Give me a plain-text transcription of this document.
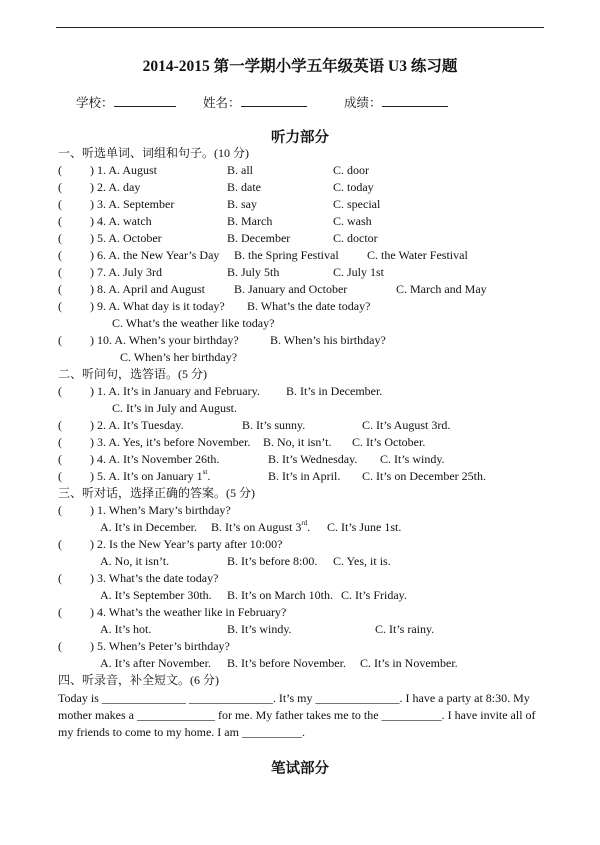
2014-2015 第一学期小学五年级英语 U3 练习题
学校：	姓名：	成绩：
听力部分
一、听选单词、词组和句子。(10 分)
( ) 1. A. August	B. all	C. door
( ) 2. A. day	B. date	C. today
( ) 3. A. September	B. say	C. special
( ) 4. A. watch	B. March	C. wash
( ) 5. A. October	B. December	C. doctor
( ) 6. A. the New Year’s Day B. the Spring Festival C. the Water Festival
( ) 7. A. July 3rd	B. July 5th	C. July 1st
( ) 8. A. April and August B. January and October	C. March and May
( ) 9. A. What day is it today? B. What’s the date today?
C. What’s the weather like today?
( ) 10. A. When’s your birthday?	B. When’s his birthday?
C. When’s her birthday?
二、听问句，选答语。(5 分)
( ) 1. A. It’s in January and February. B. It’s in December.
C. It’s in July and August.
( ) 2. A. It’s Tuesday.	B. It’s sunny.	C. It’s August 3rd.
( ) 3. A. Yes, it’s before November. B. No, it isn’t. C. It’s October.
( ) 4. A. It’s November 26th.	B. It’s Wednesday. C. It’s windy.
( ) 5. A. It’s on January 1st.	B. It’s in April. C. It’s on December 25th.
三、听对话，选择正确的答案。(5 分)
( ) 1. When’s Mary’s birthday?
A. It’s in December. B. It’s on August 3rd. C. It’s June 1st.
( ) 2. Is the New Year’s party after 10:00?
A. No, it isn’t.	B. It’s before 8:00. C. Yes, it is.
( ) 3. What’s the date today?
A. It’s September 30th. B. It’s on March 10th. C. It’s Friday.
( ) 4. What’s the weather like in February?
A. It’s hot.	B. It’s windy.	C. It’s rainy.
( ) 5. When’s Peter’s birthday?
A. It’s after November. B. It’s before November. C. It’s in November.
四、听录音，补全短文。(6 分)
Today is ______________ ______________. It’s my ______________. I have a party at 8:30. My
mother makes a _____________ for me. My father takes me to the __________. I have invite all of
my friends to come to my home. I am __________.
笔试部分
